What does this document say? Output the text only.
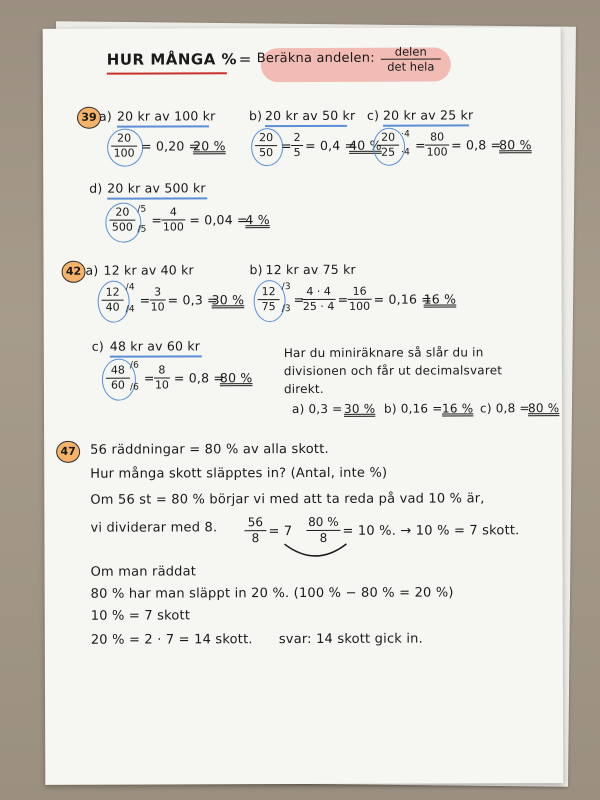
HUR MÅNGA % = Beräkna andelen:	delen
det hela
39 a) 20 kr av 100 kr	b) 20 kr av 50 kr c) 20 kr av 25 kr
20
100 = 0,20 =
20 %
20
50 =
2
5 = 0,4 =
40 %
20
25
·4
·4
=
80
100 = 0,8 =
80 %
d) 20 kr av 500 kr
20
500
/5
/5
=
4
100 = 0,04 =
4 %
42 a) 12 kr av 40 kr	b) 12 kr av 75 kr
12
40
/4
/4
=
3
10 = 0,3 =
30 %
12
75
/3
/3
=
4 · 4
25 · 4 =
16
100 = 0,16 =
16 %
c) 48 kr av 60 kr
48
60
/6
/6
=
8
10 = 0,8 =
80 %
Har du miniräknare så slår du in
divisionen och får ut decimalsvaret
direkt.
a) 0,3 = 30 % b) 0,16 = 16 % c) 0,8 =
80 %
47	56 räddningar = 80 % av alla skott.
Hur många skott släpptes in? (Antal, inte %)
Om 56 st = 80 % börjar vi med att ta reda på vad 10 % är,
vi dividerar med 8.	56
8 = 7
80 %
8	= 10 %. → 10 % = 7 skott.
Om man räddat
80 % har man släppt in 20 %. (100 % − 80 % = 20 %)
10 % = 7 skott
20 % = 2 · 7 = 14 skott. svar: 14 skott gick in.
